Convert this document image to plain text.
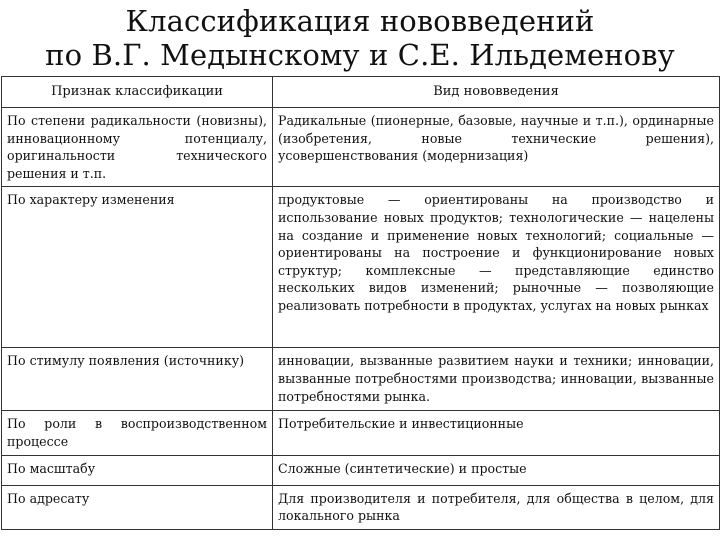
Классификация нововведений
по В.Г. Медынскому и С.Е. Ильдеменову
Признак классификации	Вид нововведения
По степени радикальности (новизны), инновационному потенциалу, оригинальности технического решения и т.п.	Радикальные (пионерные, базовые, научные и т.п.), ординарные (изобретения, новые технические решения), усовершенствования (модернизация)
По характеру изменения	продуктовые — ориентированы на производство и использование новых продуктов; технологические — нацелены на создание и применение новых технологий; социальные — ориентированы на построение и функционирование новых структур; комплексные — представляющие единство нескольких видов изменений; рыночные — позволяющие реализовать потребности в продуктах, услугах на новых рынках
По стимулу появления (источнику)	инновации, вызванные развитием науки и техники; инновации, вызванные потребностями производства; инновации, вызванные потребностями рынка.
По роли в воспроизводственном процессе	Потребительские и инвестиционные
По масштабу	Сложные (синтетические) и простые
По адресату	Для производителя и потребителя, для общества в целом, для локального рынка
